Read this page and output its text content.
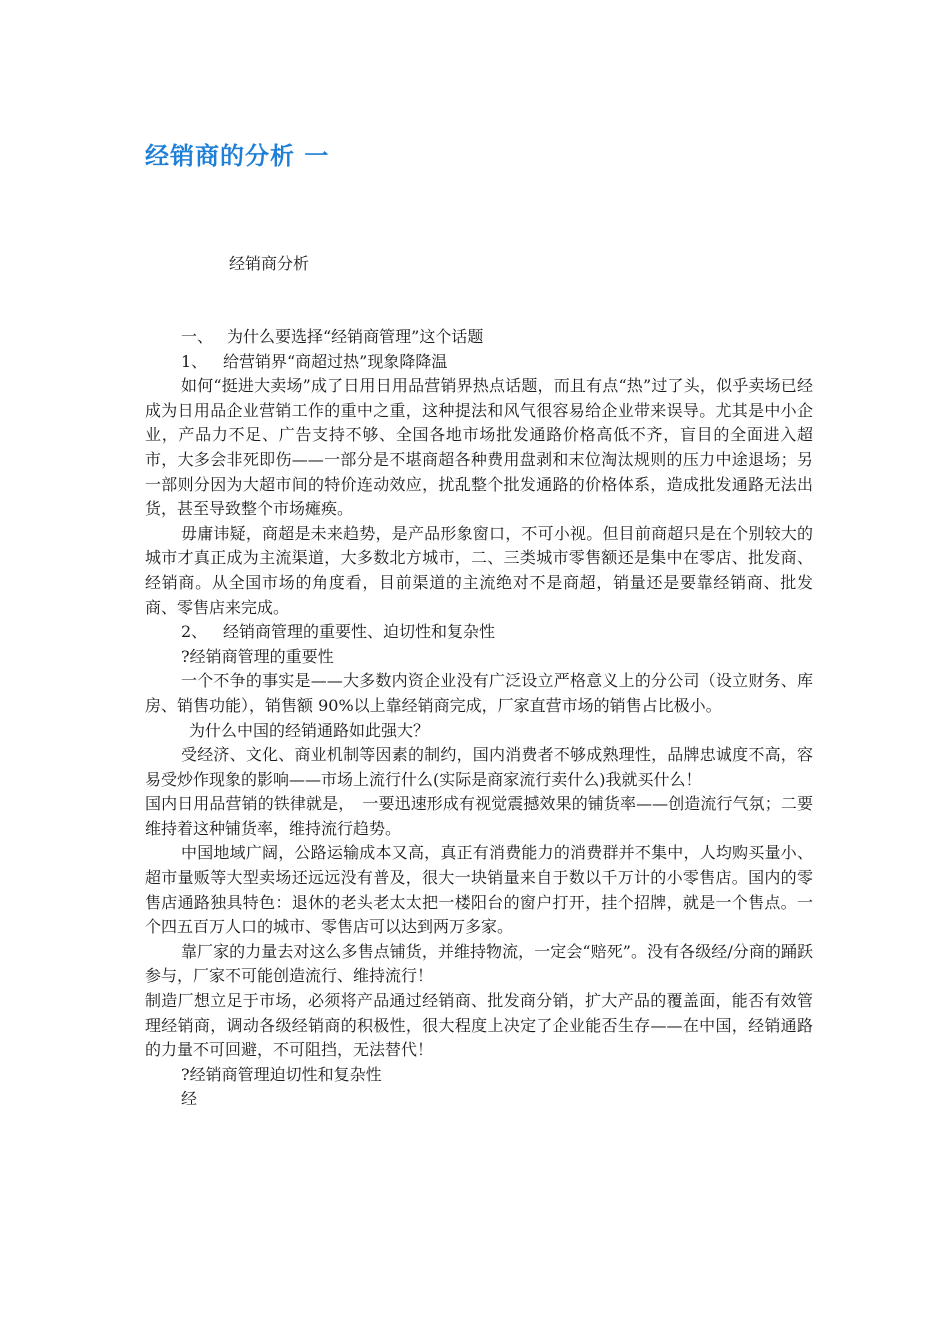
经销商的分析 一
经销商分析

一、 为什么要选择“经销商管理”这个话题

1、 给营销界“商超过热”现象降降温

如何“挺进大卖场”成了日用日用品营销界热点话题，而且有点“热”过了头，似乎卖场已经成为日用品企业营销工作的重中之重，这种提法和风气很容易给企业带来误导。尤其是中小企业，产品力不足、广告支持不够、全国各地市场批发通路价格高低不齐，盲目的全面进入超市，大多会非死即伤——一部分是不堪商超各种费用盘剥和末位淘汰规则的压力中途退场；另一部则分因为大超市间的特价连动效应，扰乱整个批发通路的价格体系，造成批发通路无法出货，甚至导致整个市场瘫痪。

毋庸讳疑，商超是未来趋势，是产品形象窗口，不可小视。但目前商超只是在个别较大的城市才真正成为主流渠道，大多数北方城市，二、三类城市零售额还是集中在零店、批发商、经销商。从全国市场的角度看，目前渠道的主流绝对不是商超，销量还是要靠经销商、批发商、零售店来完成。

2、 经销商管理的重要性、迫切性和复杂性

?经销商管理的重要性

一个不争的事实是——大多数内资企业没有广泛设立严格意义上的分公司（设立财务、库房、销售功能），销售额 90%以上靠经销商完成，厂家直营市场的销售占比极小。

为什么中国的经销通路如此强大？

受经济、文化、商业机制等因素的制约，国内消费者不够成熟理性，品牌忠诚度不高，容易受炒作现象的影响——市场上流行什么(实际是商家流行卖什么)我就买什么！

国内日用品营销的铁律就是，　一要迅速形成有视觉震撼效果的铺货率——创造流行气氛；二要维持着这种铺货率，维持流行趋势。

中国地域广阔，公路运输成本又高，真正有消费能力的消费群并不集中，人均购买量小、超市量贩等大型卖场还远远没有普及，很大一块销量来自于数以千万计的小零售店。国内的零售店通路独具特色：退休的老头老太太把一楼阳台的窗户打开，挂个招牌，就是一个售点。一个四五百万人口的城市、零售店可以达到两万多家。

靠厂家的力量去对这么多售点铺货，并维持物流，一定会“赔死”。没有各级经/分商的踊跃参与，厂家不可能创造流行、维持流行！

制造厂想立足于市场，必须将产品通过经销商、批发商分销，扩大产品的覆盖面，能否有效管理经销商，调动各级经销商的积极性，很大程度上决定了企业能否生存——在中国，经销通路的力量不可回避，不可阻挡，无法替代！

?经销商管理迫切性和复杂性

经
